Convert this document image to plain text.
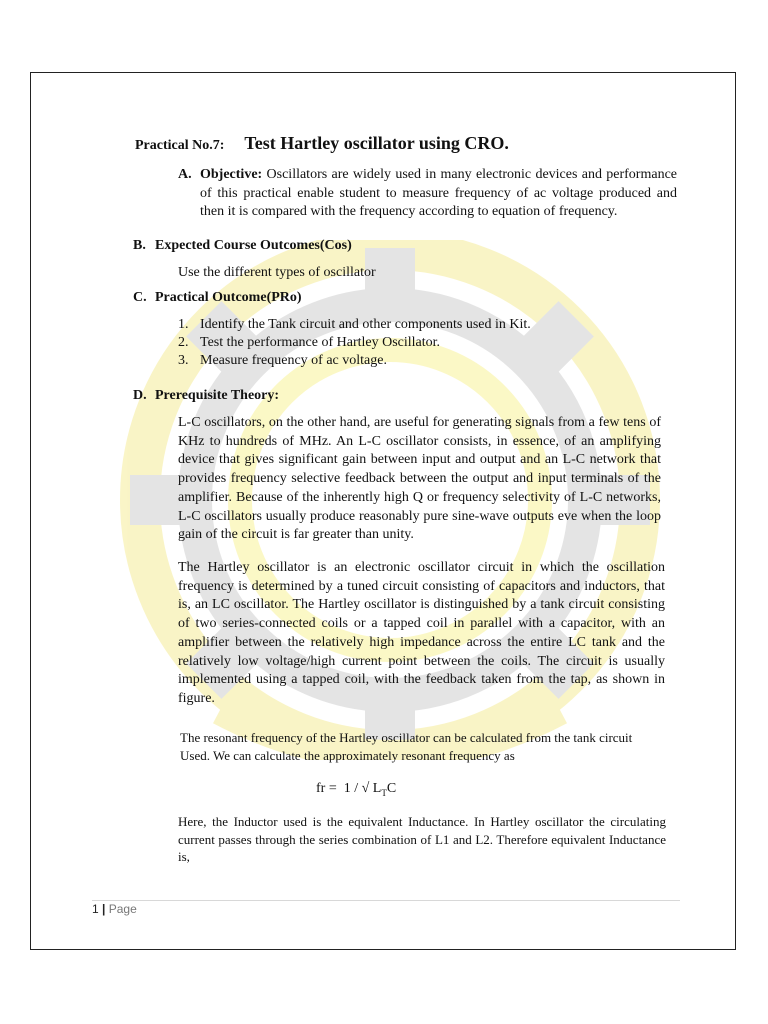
Practical No.7: Test Hartley oscillator using CRO.
A. Objective: Oscillators are widely used in many electronic devices and performance of this practical enable student to measure frequency of ac voltage produced and then it is compared with the frequency according to equation of frequency.
B. Expected Course Outcomes(Cos)
Use the different types of oscillator
C. Practical Outcome(PRo)
1. Identify the Tank circuit and other components used in Kit.
2. Test the performance of Hartley Oscillator.
3. Measure frequency of ac voltage.
D. Prerequisite Theory:
L-C oscillators, on the other hand, are useful for generating signals from a few tens of KHz to hundreds of MHz. An L-C oscillator consists, in essence, of an amplifying device that gives significant gain between input and output and an L-C network that provides frequency selective feedback between the output and input terminals of the amplifier. Because of the inherently high Q or frequency selectivity of L-C networks, L-C oscillators usually produce reasonably pure sine-wave outputs eve when the loop gain of the circuit is far greater than unity.
The Hartley oscillator is an electronic oscillator circuit in which the oscillation frequency is determined by a tuned circuit consisting of capacitors and inductors, that is, an LC oscillator. The Hartley oscillator is distinguished by a tank circuit consisting of two series-connected coils or a tapped coil in parallel with a capacitor, with an amplifier between the relatively high impedance across the entire LC tank and the relatively low voltage/high current point between the coils. The circuit is usually implemented using a tapped coil, with the feedback taken from the tap, as shown in figure.
The resonant frequency of the Hartley oscillator can be calculated from the tank circuit Used. We can calculate the approximately resonant frequency as
fr = 1 / √ $L_TC$
Here, the Inductor used is the equivalent Inductance. In Hartley oscillator the circulating current passes through the series combination of L1 and L2. Therefore equivalent Inductance is,
1 | Page
